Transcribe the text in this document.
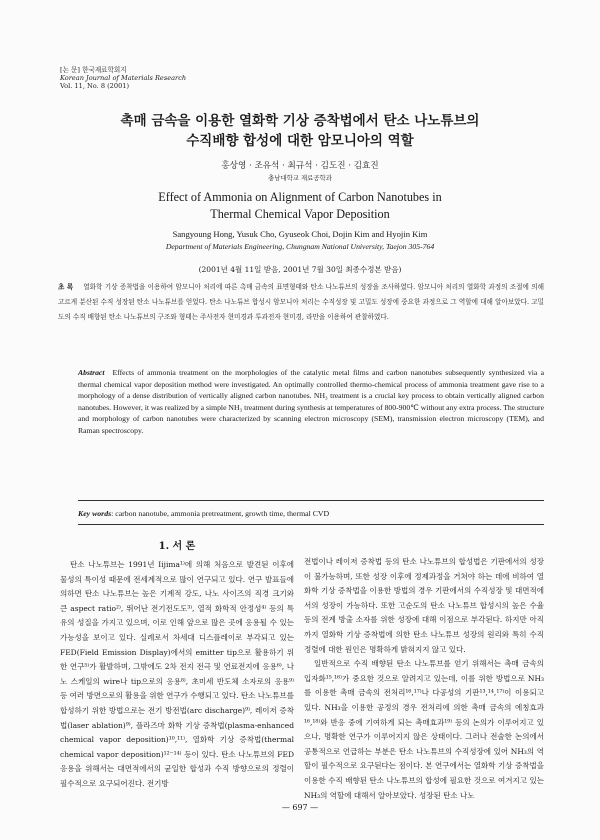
[논 문] 한국재료학회지
Korean Journal of Materials Research
Vol. 11, No. 8 (2001)
촉매 금속을 이용한 열화학 기상 증착법에서 탄소 나노튜브의
수직배향 합성에 대한 암모니아의 역할
홍상영 · 조유석 · 최규석 · 김도진 · 김효진
충남대학교 재료공학과
Effect of Ammonia on Alignment of Carbon Nanotubes in
Thermal Chemical Vapor Deposition
Sangyoung Hong, Yusuk Cho, Gyuseok Choi, Dojin Kim and Hyojin Kim
Department of Materials Engineering, Chungnam National University, Taejon 305-764
(2001년 4월 11일 받음, 2001년 7월 30일 최종수정본 받음)
초 록 열화학 기상 증착법을 이용하여 암모니아 처리에 따른 촉매 금속의 표면형태와 탄소 나노튜브의 성장을 조사하였다. 암모니아 처리의 열화학 과정의 조절에 의해 고르게 분산된 수직 성장된 탄소 나노튜브를 얻었다. 탄소 나노튜브 합성시 암모니아 처리는 수직성장 및 고밀도 성장에 중요한 과정으로 그 역할에 대해 알아보았다. 고밀도의 수직 배향된 탄소 나노튜브의 구조와 형태는 주사전자 현미경과 투과전자 현미경, 라만을 이용하여 관찰하였다.
Abstract Effects of ammonia treatment on the morphologies of the catalytic metal films and carbon nanotubes subsequently synthesized via a thermal chemical vapor deposition method were investigated. An optimally controlled thermo-chemical process of ammonia treatment gave rise to a morphology of a dense distribution of vertically aligned carbon nanotubes. NH₃ treatment is a crucial key process to obtain vertically aligned carbon nanotubes. However, it was realized by a simple NH₃ treatment during synthesis at temperatures of 800-900℃ without any extra process. The structure and morphology of carbon nanotubes were characterized by scanning electron microscopy (SEM), transmission electron microscopy (TEM), and Raman spectroscopy.
Key words: carbon nanotube, ammonia pretreatment, growth time, thermal CVD
1. 서 론
탄소 나노튜브는 1991년 Iijima¹⁾에 의해 처음으로 발견된 이후에 물성의 특이성 때문에 전세계적으로 많이 연구되고 있다. 연구 발표들에 의하면 탄소 나노튜브는 높은 기계적 강도, 나노 사이즈의 직경 크기와 큰 aspect ratio²⁾, 뛰어난 전기전도도³⁾, 열적 화학적 안정성⁴⁾ 등의 특유의 성질을 가지고 있으며, 이로 인해 앞으로 많은 곳에 응용될 수 있는 가능성을 보이고 있다. 실례로서 차세대 디스플레이로 부각되고 있는 FED(Field Emission Display)에서의 emitter tip으로 활용하기 위한 연구⁵⁾가 활발하며, 그밖에도 2차 전지 전극 및 연료전지에 응용⁶⁾, 나노 스케일의 wire나 tip으로의 응용⁸⁾, 초미세 반도체 소자로의 응용⁹⁾ 등 여러 방면으로의 활용을 위한 연구가 수행되고 있다. 탄소 나노튜브를 합성하기 위한 방법으로는 전기 방전법(arc discharge)⁹⁾, 레이저 증착법(laser ablation)⁹⁾, 플라즈마 화학 기상 증착법(plasma-enhanced chemical vapor deposition)¹⁰,¹¹⁾, 열화학 기상 증착법(thermal chemical vapor deposition)¹²⁻¹⁴⁾ 등이 있다. 탄소 나노튜브의 FED 응용을 위해서는 대면적에서의 균일한 합성과 수직 방향으로의 정렬이 필수적으로 요구되어진다. 전기방

전법이나 레이저 증착법 등의 탄소 나노튜브의 합성법은 기판에서의 성장이 불가능하며, 또한 성장 이후에 정제과정을 거쳐야 하는 데에 비하여 열화학 기상 증착법을 이용한 방법의 경우 기판에서의 수직성장 및 대면적에서의 성장이 가능하다. 또한 고순도의 탄소 나노튜브 합성시의 높은 수율 등의 전계 방출 소자를 위한 성장에 대해 이점으로 부각된다. 하지만 아직까지 열화학 기상 증착법에 의한 탄소 나노튜브 성장의 원리와 특히 수직 정렬에 대한 원인은 명확하게 밝혀지지 않고 있다.

일반적으로 수직 배향된 탄소 나노튜브를 얻기 위해서는 촉매 금속의 입자화¹⁵,¹⁶⁾가 중요한 것으로 알려지고 있는데, 이를 위한 방법으로 NH₃를 이용한 촉매 금속의 전처리¹⁶,¹⁷⁾나 다공성의 기판¹³,¹⁴,¹⁷⁾이 이용되고 있다. NH₃을 이용한 공정의 경우 전처리에 의한 촉매 금속의 에칭효과¹⁶,¹⁸⁾와 반응 중에 기여하게 되는 촉매효과¹⁹⁾ 등의 논의가 이루어지고 있으나, 명확한 연구가 이루어지지 않은 상태이다. 그러나 전술한 논의에서 공통적으로 언급하는 부분은 탄소 나노튜브의 수직성장에 있어 NH₃의 역할이 필수적으로 요구된다는 점이다. 본 연구에서는 열화학 기상 증착법을 이용한 수직 배향된 탄소 나노튜브의 합성에 필요한 것으로 여겨지고 있는 NH₃의 역할에 대해서 알아보았다. 성장된 탄소 나노

— 697 —
